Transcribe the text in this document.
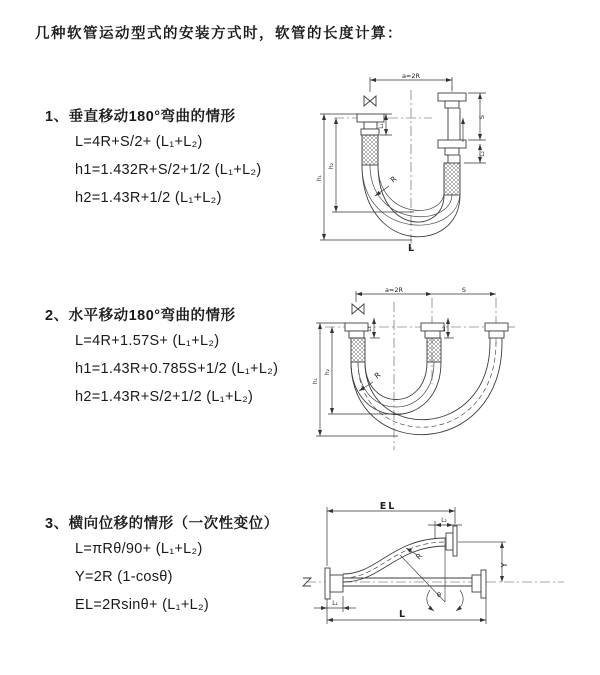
几种软管运动型式的安装方式时，软管的长度计算：
1、垂直移动180°弯曲的情形
L=4R+S/2+ (L₁+L₂)
h1=1.432R+S/2+1/2 (L₁+L₂)
h2=1.43R+1/2 (L₁+L₂)
a=2R
L₁
S
L₂
h₁
h₂
R
L
2、水平移动180°弯曲的情形
L=4R+1.57S+ (L₁+L₂)
h1=1.43R+0.785S+1/2 (L₁+L₂)
h2=1.43R+S/2+1/2 (L₁+L₂)
a=2R	S
L₁	L₂
h₁
h₂	R
3、横向位移的情形（一次性变位）
L=πRθ/90+ (L₁+L₂)
Y=2R (1-cosθ)
EL=2Rsinθ+ (L₁+L₂)
θ
EL
L₂
Y
L
L₁
R
